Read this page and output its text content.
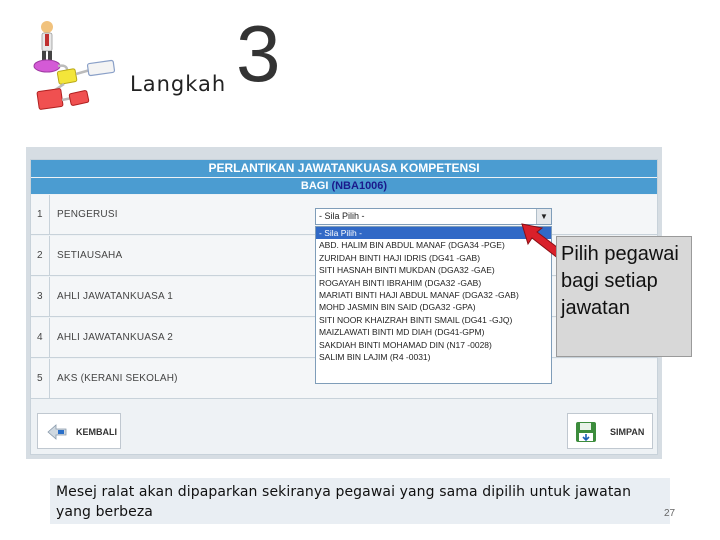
Langkah 3
PERLANTIKAN JAWATANKUASA KOMPETENSI
BAGI (NBA1006)
1	PENGERUSI
2	SETIAUSAHA
3	AHLI JAWATANKUASA 1
4	AHLI JAWATANKUASA 2
5	AKS (KERANI SEKOLAH)
- Sila Pilih -	▼
- Sila Pilih -
ABD. HALIM BIN ABDUL MANAF (DGA34 -PGE)
ZURIDAH BINTI HAJI IDRIS (DG41 -GAB)
SITI HASNAH BINTI MUKDAN (DGA32 -GAE)
ROGAYAH BINTI IBRAHIM (DGA32 -GAB)
MARIATI BINTI HAJI ABDUL MANAF (DGA32 -GAB)
MOHD JASMIN BIN SAID (DGA32 -GPA)
SITI NOOR KHAIZRAH BINTI SMAIL (DG41 -GJQ)
MAIZLAWATI BINTI MD DIAH (DG41-GPM)
SAKDIAH BINTI MOHAMAD DIN (N17 -0028)
SALIM BIN LAJIM (R4 -0031)
KEMBALI	SIMPAN
Pilih pegawai bagi setiap jawatan
Mesej ralat akan dipaparkan sekiranya pegawai yang sama dipilih untuk jawatan yang berbeza	27
